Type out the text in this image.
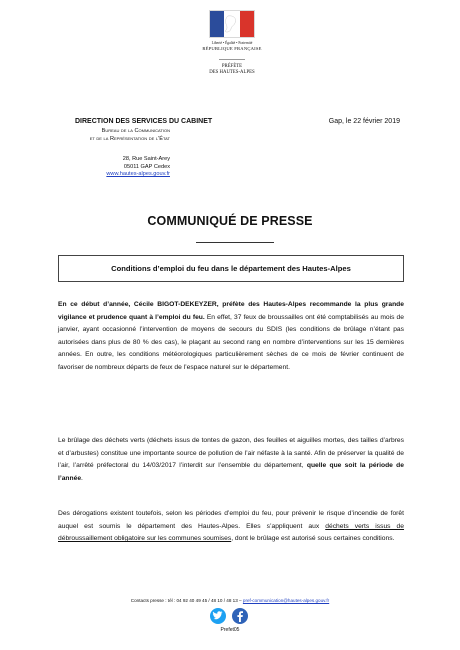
Liberté • Égalité • Fraternité
RÉPUBLIQUE FRANÇAISE
PRÉFÈTE
DES HAUTES-ALPES
DIRECTION DES SERVICES DU CABINET	Gap, le 22 février 2019
Bureau de la Communication
et de la Représentation de l’État
28, Rue Saint-Arey
05011 GAP Cedex
www.hautes-alpes.gouv.fr
COMMUNIQUÉ DE PRESSE
Conditions d’emploi du feu dans le département des Hautes-Alpes

En ce début d’année, Cécile BIGOT-DEKEYZER, préfète des Hautes-Alpes recommande la plus grande vigilance et prudence quant à l’emploi du feu. En effet, 37 feux de broussailles ont été comptabilisés au mois de janvier, ayant occasionné l’intervention de moyens de secours du SDIS (les conditions de brûlage n’étant pas autorisées dans plus de 80 % des cas), le plaçant au second rang en nombre d’interventions sur les 15 dernières années. En outre, les conditions météorologiques particulièrement sèches de ce mois de février continuent de favoriser de nombreux départs de feux de l’espace naturel sur le département.

Le brûlage des déchets verts (déchets issus de tontes de gazon, des feuilles et aiguilles mortes, des tailles d’arbres et d’arbustes) constitue une importante source de pollution de l’air néfaste à la santé. Afin de préserver la qualité de l’air, l’arrêté préfectoral du 14/03/2017 l’interdit sur l’ensemble du département, quelle que soit la période de l’année.

Des dérogations existent toutefois, selon les périodes d’emploi du feu, pour prévenir le risque d’incendie de forêt auquel est soumis le département des Hautes-Alpes. Elles s’appliquent aux déchets verts issus de débroussaillement obligatoire sur les communes soumises, dont le brûlage est autorisé sous certaines conditions.

Contacts presse : tél : 04 92 40 49 45 / 48 10 / 48 13 – pref-communication@hautes-alpes.gouv.fr
Prefet05
